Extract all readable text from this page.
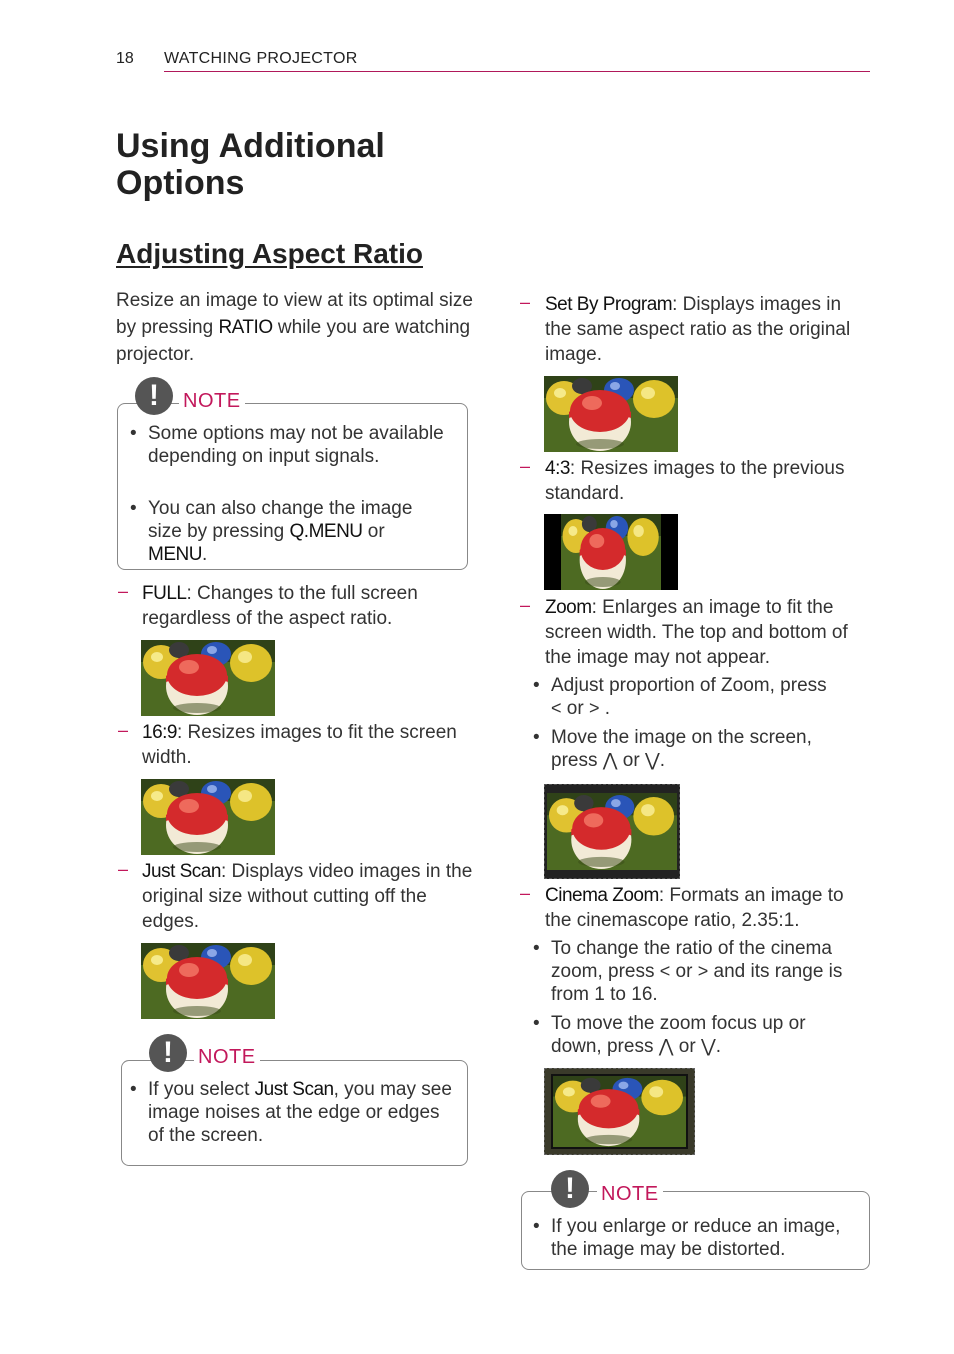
18 WATCHING PROJECTOR
Using Additional Options
Adjusting Aspect Ratio
Resize an image to view at its optimal size by pressing RATIO while you are watching projector.
!	NOTE
• Some options may not be available depending on input signals.
• You can also change the image size by pressing Q.MENU or MENU.
– FULL: Changes to the full screen regardless of the aspect ratio.
– 16:9: Resizes images to fit the screen width.
– Just Scan: Displays video images in the original size without cutting off the edges.
!	NOTE
• If you select Just Scan, you may see image noises at the edge or edges of the screen.
– Set By Program: Displays images in the same aspect ratio as the original image.
– 4:3: Resizes images to the previous standard.
– Zoom: Enlarges an image to fit the screen width. The top and bottom of the image may not appear.
• Adjust proportion of Zoom, press
< or > .
• Move the image on the screen, press ⋀ or ⋁.
– Cinema Zoom: Formats an image to the cinemascope ratio, 2.35:1.
• To change the ratio of the cinema zoom, press < or > and its range is from 1 to 16.
• To move the zoom focus up or down, press ⋀ or ⋁.
!	NOTE
• If you enlarge or reduce an image, the image may be distorted.
